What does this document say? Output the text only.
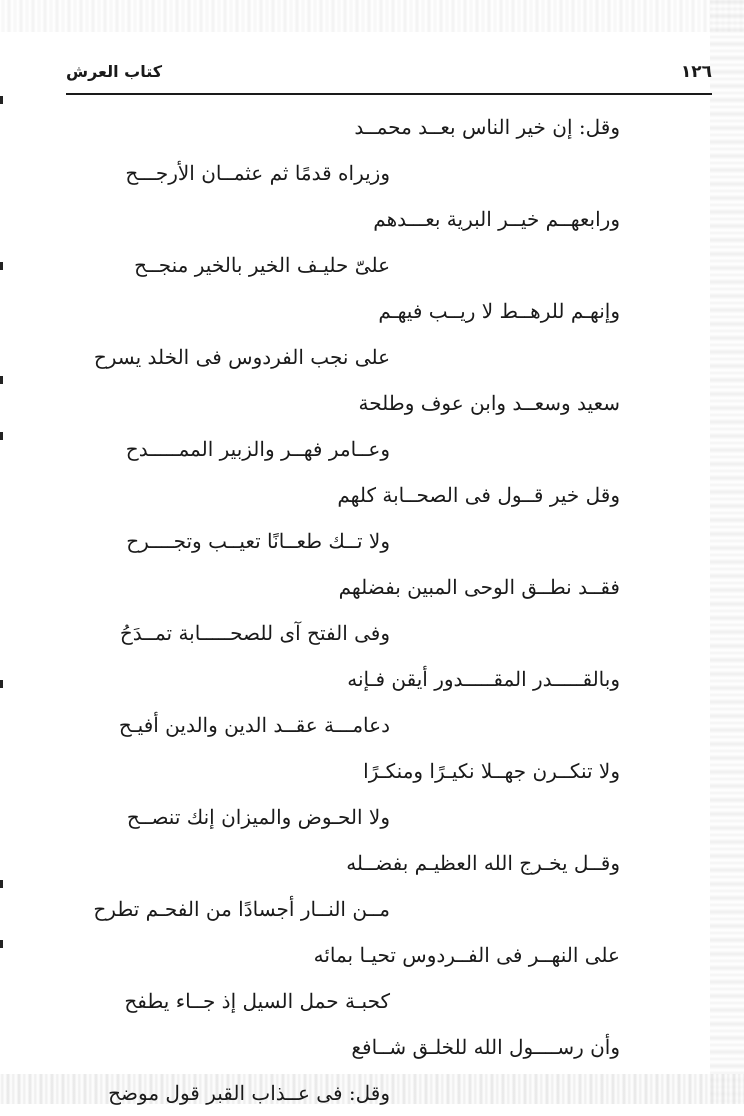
١٢٦
كتاب العرش
وقل: إن خير الناس بعــد محمــد
وزيراه قدمًا ثم عثمــان الأرجـــح
ورابعهــم خيــر البرية بعـــدهم
علىّ حليـف الخير بالخير منجــح
وإنهـم للرهــط لا ريــب فيهـم
على نجب الفردوس فى الخلد يسرح
سعيد وسعــد وابن عوف وطلحة
وعــامر فهــر والزبير الممـــــدح
وقل خير قــول فى الصحــابة كلهم
ولا تــك طعــانًا تعيــب وتجــــرح
فقــد نطــق الوحى المبين بفضلهم
وفى الفتح آى للصحـــــابة تمــدَحُ
وبالقـــــدر المقـــــدور أيقن فـإنه
دعامـــة عقــد الدين والدين أفيـح
ولا تنكــرن جهــلا نكيـرًا ومنكـرًا
ولا الحـوض والميزان إنك تنصــح
وقــل يخـرج الله العظيـم بفضــله
مــن النــار أجسادًا من الفحـم تطرح
على النهــر فى الفــردوس تحيـا بمائه
كحبـة حمل السيل إذ جــاء يطفح
وأن رســــول الله للخلـق شــافع
وقل: فى عــذاب القبر قول موضح
